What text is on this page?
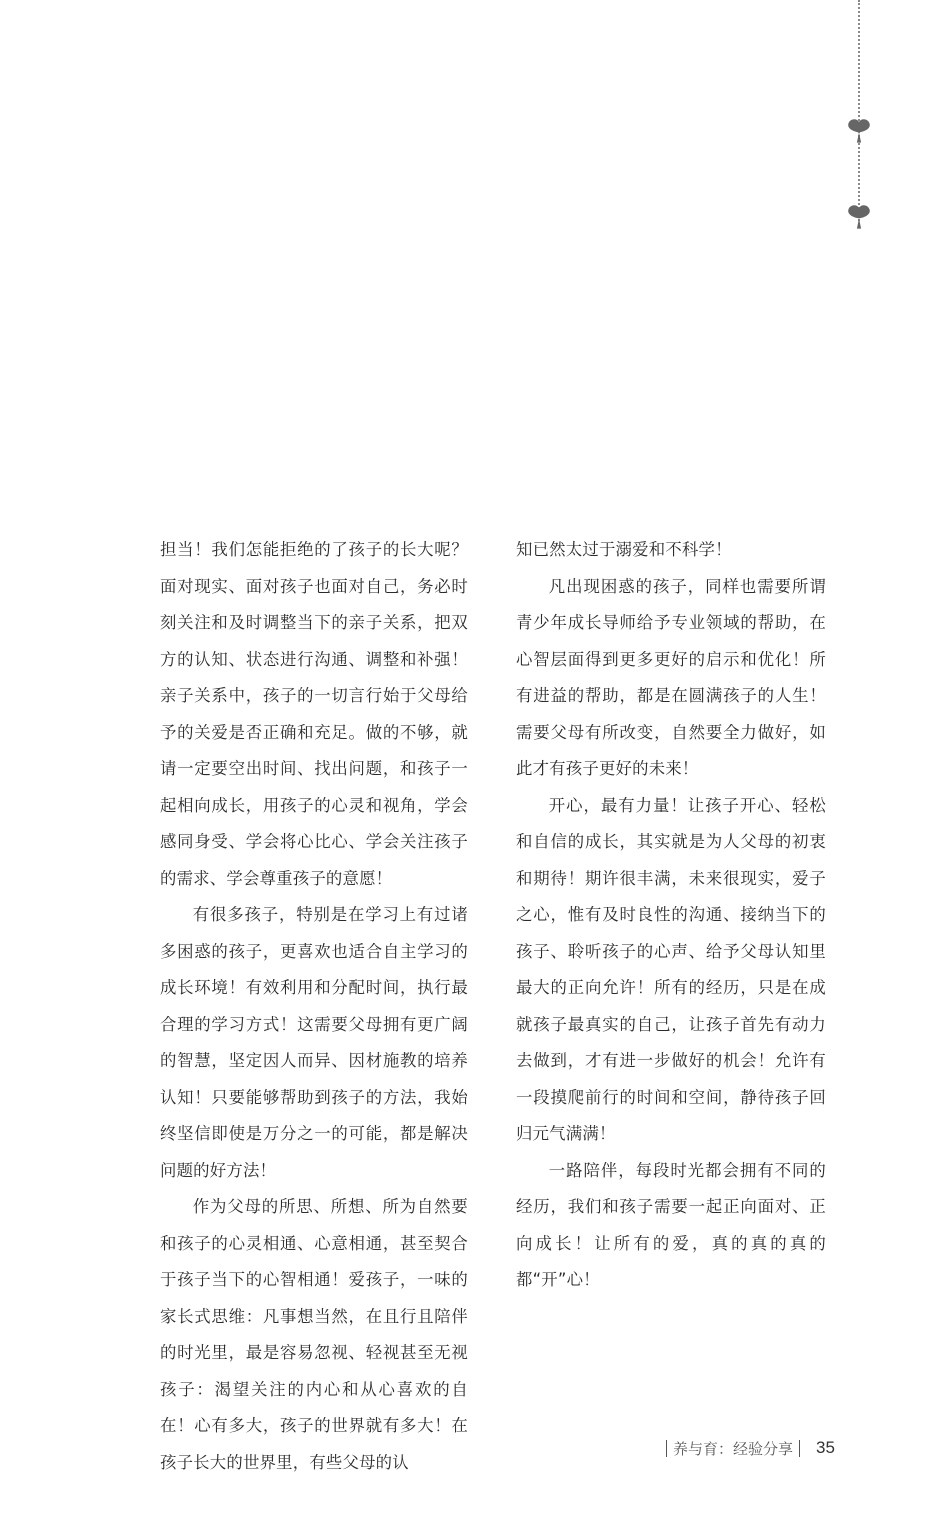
担当！我们怎能拒绝的了孩子的长大呢？面对现实、面对孩子也面对自己，务必时刻关注和及时调整当下的亲子关系，把双方的认知、状态进行沟通、调整和补强！亲子关系中，孩子的一切言行始于父母给予的关爱是否正确和充足。做的不够，就请一定要空出时间、找出问题，和孩子一起相向成长，用孩子的心灵和视角，学会感同身受、学会将心比心、学会关注孩子的需求、学会尊重孩子的意愿！

有很多孩子，特别是在学习上有过诸多困惑的孩子，更喜欢也适合自主学习的成长环境！有效利用和分配时间，执行最合理的学习方式！这需要父母拥有更广阔的智慧，坚定因人而异、因材施教的培养认知！只要能够帮助到孩子的方法，我始终坚信即使是万分之一的可能，都是解决问题的好方法！

作为父母的所思、所想、所为自然要和孩子的心灵相通、心意相通，甚至契合于孩子当下的心智相通！爱孩子，一味的家长式思维：凡事想当然，在且行且陪伴的时光里，最是容易忽视、轻视甚至无视孩子：渴望关注的内心和从心喜欢的自在！心有多大，孩子的世界就有多大！在孩子长大的世界里，有些父母的认

知已然太过于溺爱和不科学！

凡出现困惑的孩子，同样也需要所谓青少年成长导师给予专业领域的帮助，在心智层面得到更多更好的启示和优化！所有进益的帮助，都是在圆满孩子的人生！需要父母有所改变，自然要全力做好，如此才有孩子更好的未来！

开心，最有力量！让孩子开心、轻松和自信的成长，其实就是为人父母的初衷和期待！期许很丰满，未来很现实，爱子之心，惟有及时良性的沟通、接纳当下的孩子、聆听孩子的心声、给予父母认知里最大的正向允许！所有的经历，只是在成就孩子最真实的自己，让孩子首先有动力去做到，才有进一步做好的机会！允许有一段摸爬前行的时间和空间，静待孩子回归元气满满！

一路陪伴，每段时光都会拥有不同的经历，我们和孩子需要一起正向面对、正向成长！让所有的爱，真的真的真的都“开”心！

养与育：经验分享 35
